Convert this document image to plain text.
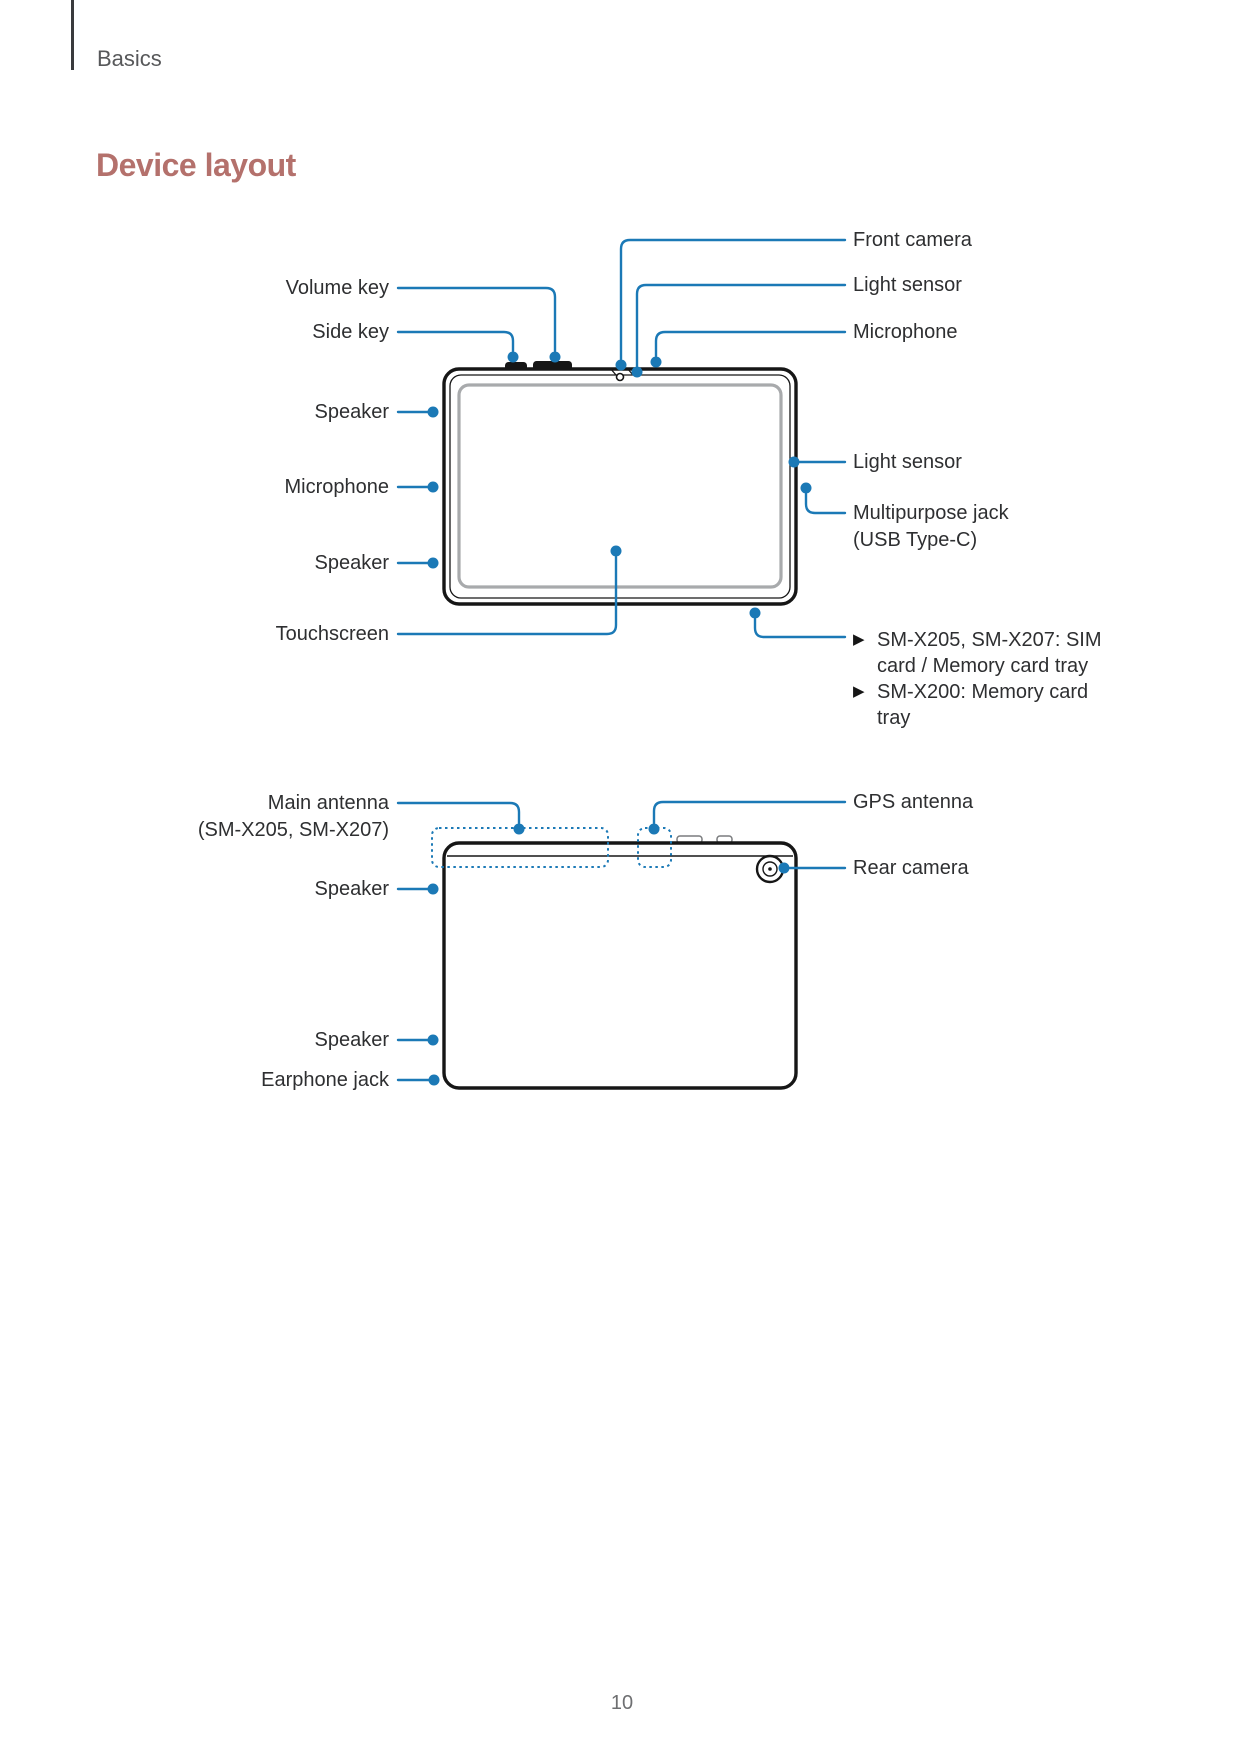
Basics
Device layout
Volume key
Side key
Speaker
Microphone
Speaker
Touchscreen
Front camera
Light sensor
Microphone
Light sensor
Multipurpose jack
(USB Type-C)
▶ SM-X205, SM-X207: SIM card / Memory card tray
▶ SM-X200: Memory card tray
Main antenna
(SM-X205, SM-X207)
Speaker
Speaker
Earphone jack
GPS antenna
Rear camera
10
